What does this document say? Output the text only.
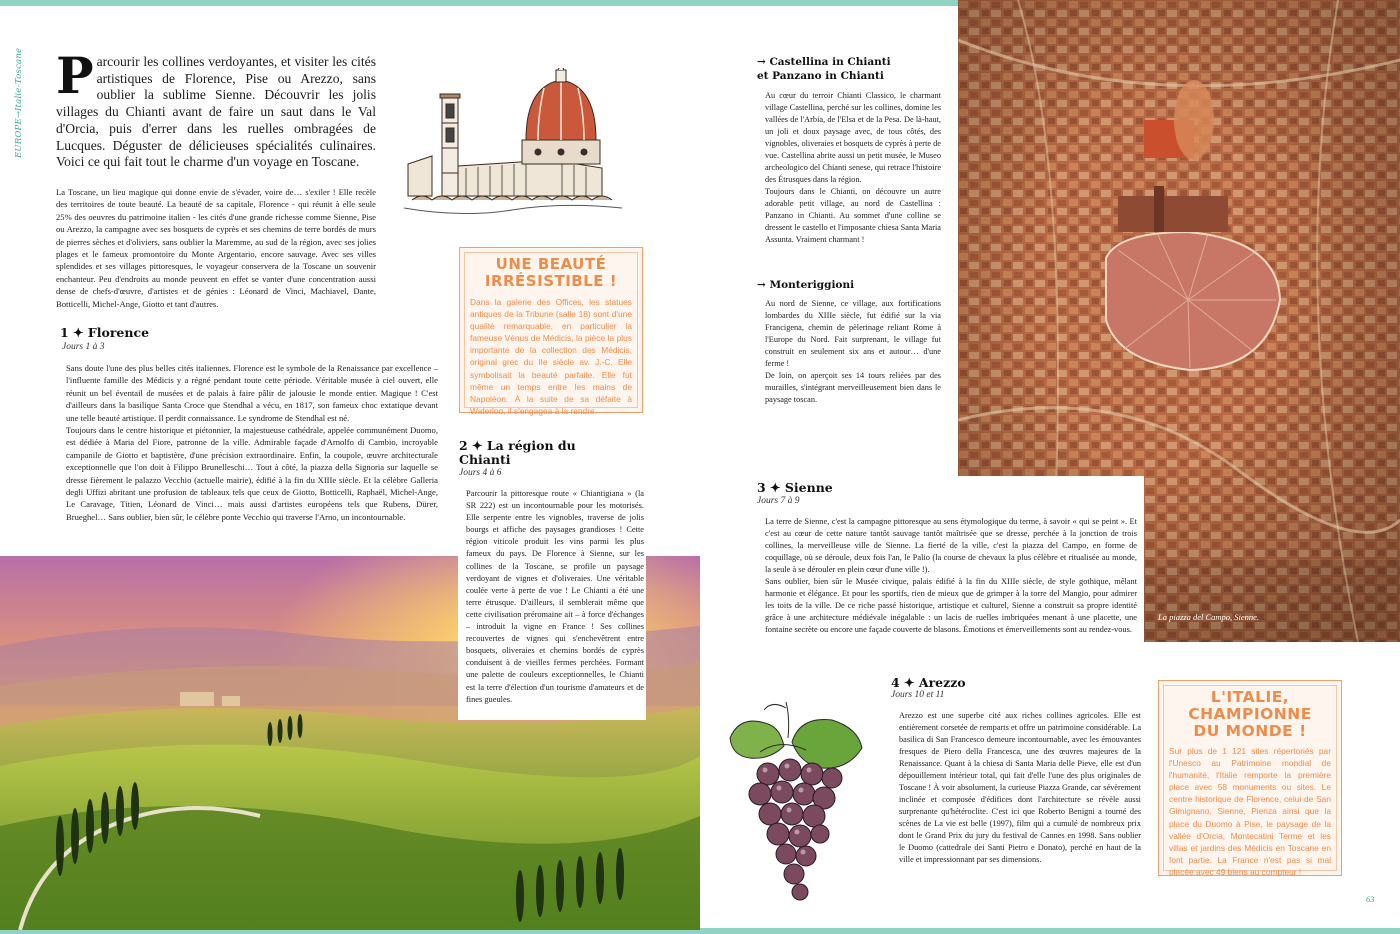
EUROPE→Italie-Toscane Parcourir les collines verdoyantes, et visiter les cités artistiques de Florence, Pise ou Arezzo, sans oublier la sublime Sienne. Découvrir les jolis villages du Chianti avant de faire un saut dans le Val d'Orcia, puis d'errer dans les ruelles ombragées de Lucques. Déguster de délicieuses spécialités culinaires. Voici ce qui fait tout le charme d'un voyage en Toscane.

La Toscane, un lieu magique qui donne envie de s'évader, voire de… s'exiler ! Elle recèle des territoires de toute beauté. La beauté de sa capitale, Florence - qui réunit à elle seule 25% des oeuvres du patrimoine italien - les cités d'une grande richesse comme Sienne, Pise ou Arezzo, la campagne avec ses bosquets de cyprès et ses chemins de terre bordés de murs de pierres sèches et d'oliviers, sans oublier la Maremme, au sud de la région, avec ses jolies plages et le fameux promontoire du Monte Argentario, encore sauvage. Avec ses villes splendides et ses villages pittoresques, le voyageur conservera de la Toscane un souvenir enchanteur. Peu d'endroits au monde peuvent en effet se vanter d'une concentration aussi dense de chefs-d'œuvre, d'artistes et de génies : Léonard de Vinci, Machiavel, Dante, Botticelli, Michel-Ange, Giotto et tant d'autres.

1 ✦ Florence
Jours 1 à 3

Sans doute l'une des plus belles cités italiennes. Florence est le symbole de la Renaissance par excellence – l'influente famille des Médicis y a régné pendant toute cette période. Véritable musée à ciel ouvert, elle réunit un bel éventail de musées et de palais à faire pâlir de jalousie le monde entier. Magique ! C'est d'ailleurs dans la basilique Santa Croce que Stendhal a vécu, en 1817, son fameux choc extatique devant une telle beauté artistique. Il perdit connaissance. Le syndrome de Stendhal est né.

Toujours dans le centre historique et piétonnier, la majestueuse cathédrale, appelée communément Duomo, est dédiée à Maria del Fiore, patronne de la ville. Admirable façade d'Arnolfo di Cambio, incroyable campanile de Giotto et baptistère, d'une précision extraordinaire. Enfin, la coupole, œuvre architecturale exceptionnelle que l'on doit à Filippo Brunelleschi… Tout à côté, la piazza della Signoria sur laquelle se dresse fièrement le palazzo Vecchio (actuelle mairie), édifié à la fin du XIIIe siècle. Et la célèbre Galleria degli Uffizi abritant une profusion de tableaux tels que ceux de Giotto, Botticelli, Raphaël, Michel-Ange, Le Caravage, Titien, Léonard de Vinci… mais aussi d'artistes européens tels que Rubens, Dürer, Brueghel… Sans oublier, bien sûr, le célèbre ponte Vecchio qui traverse l'Arno, un incontournable.

UNE BEAUTÉ
IRRÉSISTIBLE !
Dans la galerie des Offices, les statues antiques de la Tribune (salle 18) sont d'une qualité remarquable, en particulier la fameuse Vénus de Médicis, la pièce la plus importante de la collection des Médicis, original grec du IIe siècle av. J.-C. Elle symbolisait la beauté parfaite. Elle fut même un temps entre les mains de Napoléon. À la suite de sa défaite à Waterloo, il s'engagea à la rendre.
2 ✦ La région du
Chianti
Jours 4 à 6
Parcourir la pittoresque route « Chiantigiana » (la SR 222) est un incontournable pour les motorisés. Elle serpente entre les vignobles, traverse de jolis bourgs et affiche des paysages grandioses ! Cette région viticole produit les vins parmi les plus fameux du pays. De Florence à Sienne, sur les collines de la Toscane, se profile un paysage verdoyant de vignes et d'oliveraies. Une véritable coulée verte à perte de vue ! Le Chianti a été une terre étrusque. D'ailleurs, il semblerait même que cette civilisation préromaine ait – à force d'échanges – introduit la vigne en France ! Ses collines recouvertes de vignes qui s'enchevêtrent entre bosquets, oliveraies et chemins bordés de cyprès conduisent à de vieilles fermes perchées. Formant une palette de couleurs exceptionnelles, le Chianti est la terre d'élection d'un tourisme d'amateurs et de fines gueules.
La piazza del Campo, Sienne.
→ Castellina in Chianti
et Panzano in Chianti

Au cœur du terroir Chianti Classico, le charmant village Castellina, perché sur les collines, domine les vallées de l'Arbia, de l'Elsa et de la Pesa. De là-haut, un joli et doux paysage avec, de tous côtés, des vignobles, oliveraies et bosquets de cyprès à perte de vue. Castellina abrite aussi un petit musée, le Museo archeologico del Chianti senese, qui retrace l'histoire des Étrusques dans la région.

Toujours dans le Chianti, on découvre un autre adorable petit village, au nord de Castellina : Panzano in Chianti. Au sommet d'une colline se dressent le castello et l'imposante chiesa Santa Maria Assunta. Vraiment charmant !

→ Monteriggioni

Au nord de Sienne, ce village, aux fortifications lombardes du XIIIe siècle, fut édifié sur la via Francigena, chemin de pèlerinage reliant Rome à l'Europe du Nord. Fait surprenant, le village fut construit en seulement six ans et autour… d'une ferme !

De loin, on aperçoit ses 14 tours reliées par des murailles, s'intégrant merveilleusement bien dans le paysage toscan.

3 ✦ Sienne
Jours 7 à 9

La terre de Sienne, c'est la campagne pittoresque au sens étymologique du terme, à savoir « qui se peint ». Et c'est au cœur de cette nature tantôt sauvage tantôt maîtrisée que se dresse, perchée à la jonction de trois collines, la merveilleuse ville de Sienne. La fierté de la ville, c'est la piazza del Campo, en forme de coquillage, où se déroule, deux fois l'an, le Palio (la course de chevaux la plus célèbre et ritualisée au monde, la seule à se dérouler en plein cœur d'une ville !).

Sans oublier, bien sûr le Musée civique, palais édifié à la fin du XIIIe siècle, de style gothique, mêlant harmonie et élégance. Et pour les sportifs, rien de mieux que de grimper à la torre del Mangio, pour admirer les toits de la ville. De ce riche passé historique, artistique et culturel, Sienne a construit sa propre identité grâce à une architecture médiévale inégalable : un lacis de ruelles imbriquées menant à une placette, une fontaine secrète ou encore une façade couverte de blasons. Émotions et émerveillements sont au rendez-vous.

4 ✦ Arezzo
Jours 10 et 11
Arezzo est une superbe cité aux riches collines agricoles. Elle est entièrement corsetée de remparts et offre un patrimoine considérable. La basilica di San Francesco demeure incontournable, avec les émouvantes fresques de Piero della Francesca, une des œuvres majeures de la Renaissance. Quant à la chiesa di Santa Maria delle Pieve, elle est d'un dépouillement intérieur total, qui fait d'elle l'une des plus originales de Toscane ! À voir absolument, la curieuse Piazza Grande, car sévèrement inclinée et composée d'édifices dont l'architecture se révèle aussi surprenante qu'hétéroclite. C'est ici que Roberto Benigni a tourné des scènes de La vie est belle (1997), film qui a cumulé de nombreux prix dont le Grand Prix du jury du festival de Cannes en 1998. Sans oublier le Duomo (cattedrale dei Santi Pietro e Donato), perché en haut de la ville et impressionnant par ses dimensions.
L'ITALIE,
CHAMPIONNE
DU MONDE !
Sur plus de 1 121 sites répertoriés par l'Unesco au Patrimoine mondial de l'humanité, l'Italie remporte la première place avec 58 monuments ou sites. Le centre historique de Florence, celui de San Gimignano, Sienne, Pienza ainsi que la place du Duomo à Pise, le paysage de la vallée d'Orcia, Montecatini Terme et les villas et jardins des Médicis en Toscane en font partie. La France n'est pas si mal placée avec 49 biens au compteur !
63
